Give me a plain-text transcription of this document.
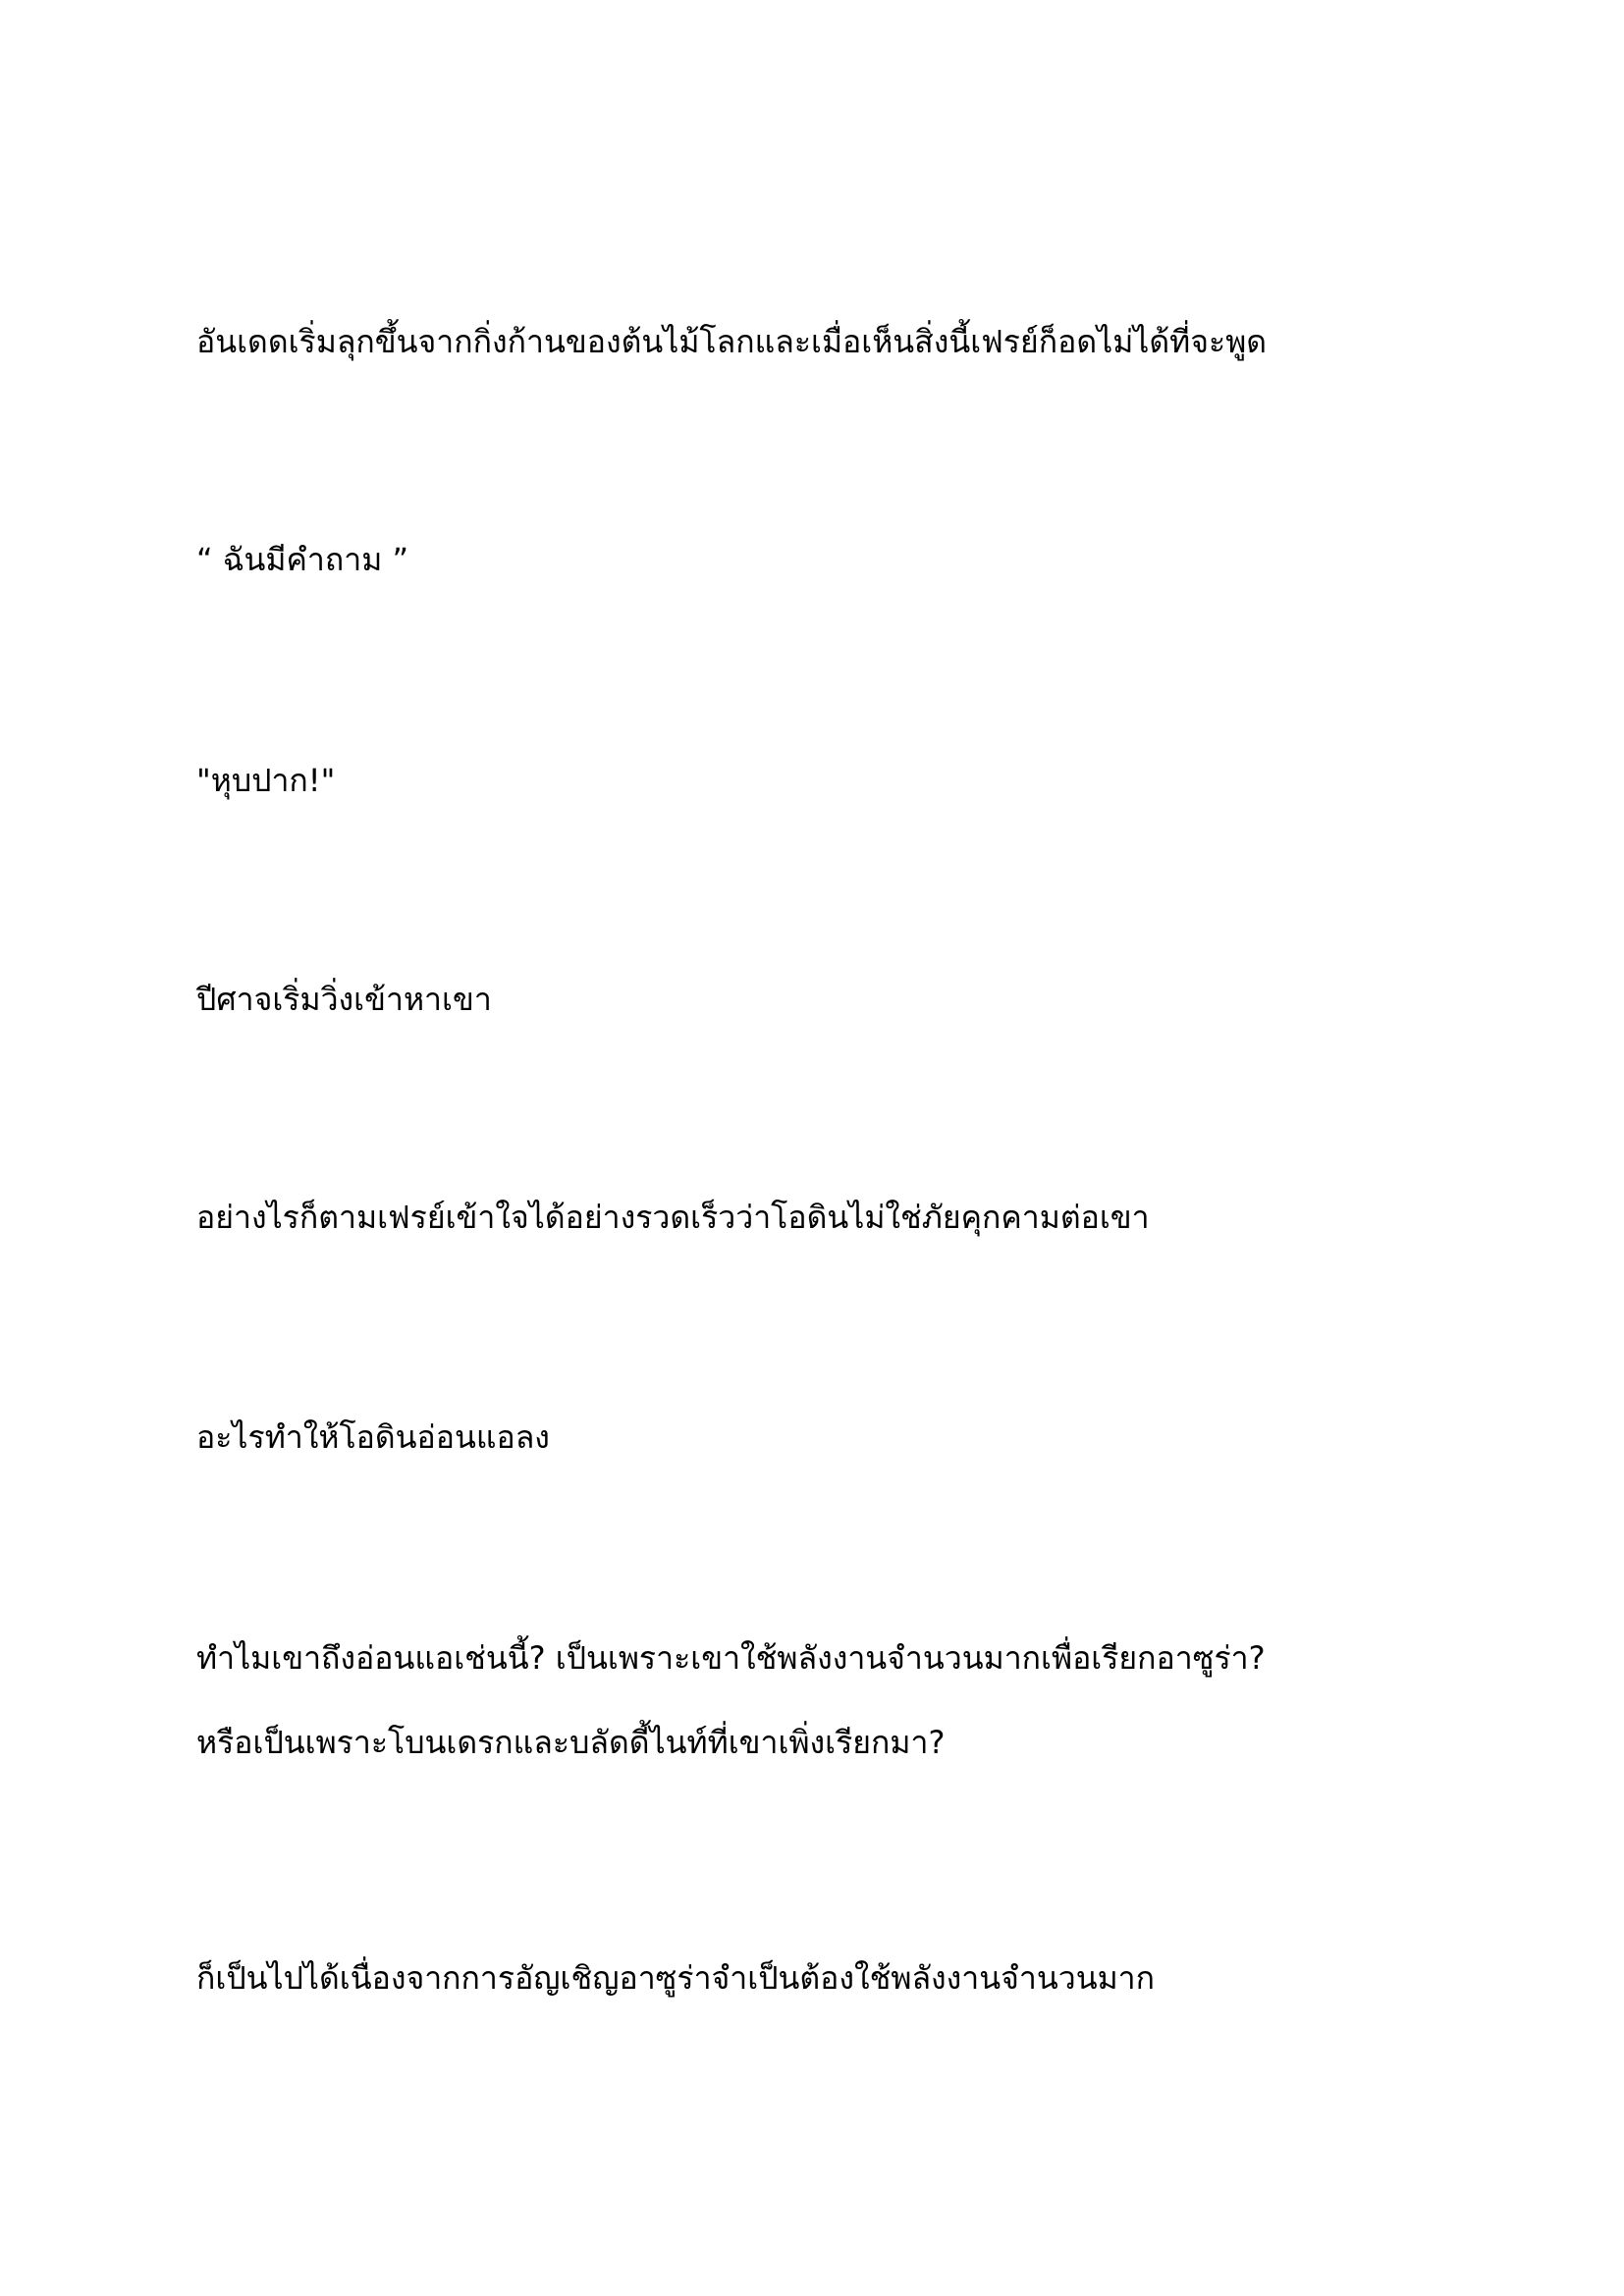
อันเดดเริ่มลุกขึ้นจากกิ่งก้านของต้นไม้โลกและเมื่อเห็นสิ่งนี้เฟรย์ก็อดไม่ได้ที่จะพูด

“ ฉันมีคำถาม ”

"หุบปาก!"

ปีศาจเริ่มวิ่งเข้าหาเขา

อย่างไรก็ตามเฟรย์เข้าใจได้อย่างรวดเร็วว่าโอดินไม่ใช่ภัยคุกคามต่อเขา

อะไรทำให้โอดินอ่อนแอลง

ทำไมเขาถึงอ่อนแอเช่นนี้? เป็นเพราะเขาใช้พลังงานจำนวนมากเพื่อเรียกอาซูร่า?
หรือเป็นเพราะโบนเดรกและบลัดดี้ไนท์ที่เขาเพิ่งเรียกมา?

ก็เป็นไปได้เนื่องจากการอัญเชิญอาซูร่าจำเป็นต้องใช้พลังงานจำนวนมาก
